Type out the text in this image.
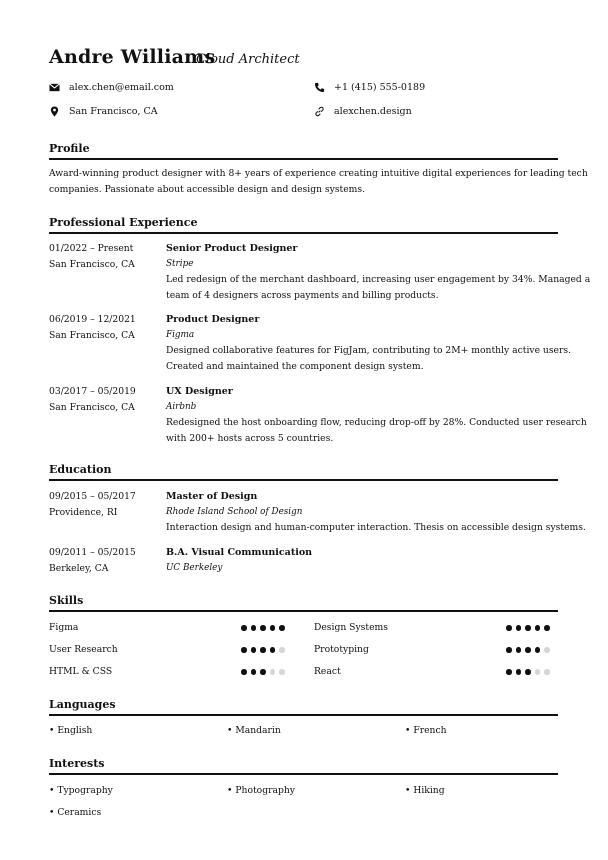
Andre Williams
Cloud Architect
alex.chen@email.com	+1 (415) 555-0189
San Francisco, CA	alexchen.design
Profile
Award-winning product designer with 8+ years of experience creating intuitive digital experiences for leading tech
companies. Passionate about accessible design and design systems.
Professional Experience
01/2022 – Present
San Francisco, CA
Senior Product Designer
Stripe
Led redesign of the merchant dashboard, increasing user engagement by 34%. Managed a
team of 4 designers across payments and billing products.
06/2019 – 12/2021
San Francisco, CA
Product Designer
Figma
Designed collaborative features for FigJam, contributing to 2M+ monthly active users.
Created and maintained the component design system.
03/2017 – 05/2019
San Francisco, CA
UX Designer
Airbnb
Redesigned the host onboarding flow, reducing drop-off by 28%. Conducted user research
with 200+ hosts across 5 countries.
Education
09/2015 – 05/2017
Providence, RI
Master of Design
Rhode Island School of Design
Interaction design and human-computer interaction. Thesis on accessible design systems.
09/2011 – 05/2015
Berkeley, CA
B.A. Visual Communication
UC Berkeley
Skills
Figma	Design Systems
User Research	Prototyping
HTML & CSS	React
Languages
• English	• Mandarin	• French
Interests
• Typography	• Photography	• Hiking
• Ceramics
